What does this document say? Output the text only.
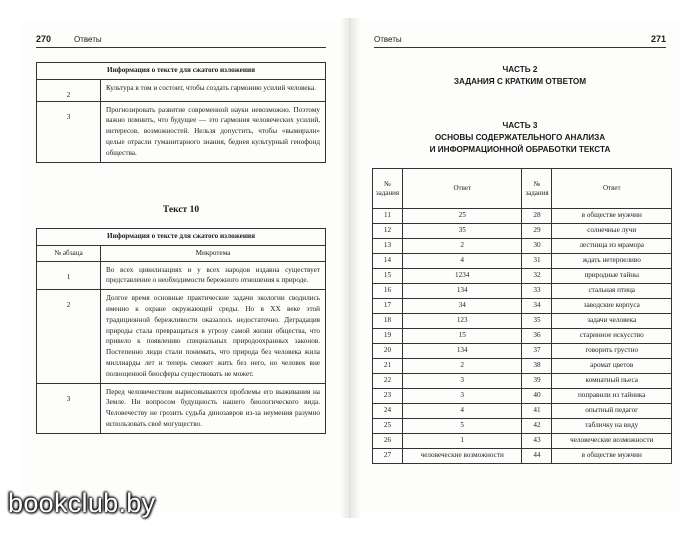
270	Ответы
Информация о тексте для сжатого изложения	
2	Культура в том и состоит, чтобы создать гармонию усилий человека.
3	Прогнозировать развитие современной науки невозможно. Поэтому важно помнить, что будущее — это гармония человеческих усилий, интересов, возможностей. Нельзя допустить, чтобы «вымирали» целые отрасли гуманитарного знания, беднея культурный генофонд общества.
Текст 10
Информация о тексте для сжатого изложения	
№ абзаца	Микротема
1	Во всех цивилизациях и у всех народов издавна существует представление о необходимости бережного отношения к природе.
2	Долгое время основные практические задачи экологии сводились именно к охране окружающей среды. Но в XX веке этой традиционной бережливости оказалось недостаточно. Деградация природы стала превращаться в угрозу самой жизни общества, что привело к появлению специальных природоохранных законов. Постепенно люди стали понимать, что природа без человека жила миллиарды лет и теперь сможет жить без него, но человек вне полноценной биосферы существовать не может.
3	Перед человечеством вырисовываются проблемы его выживания на Земле. Ни вопросом будущность нашего биологического вида. Человечеству не грозить судьба динозавров из-за неумения разумно использовать своё могущество.
Ответы	271
ЧАСТЬ 2
ЗАДАНИЯ С КРАТКИМ ОТВЕТОМ
ЧАСТЬ 3
ОСНОВЫ СОДЕРЖАТЕЛЬНОГО АНАЛИЗА
И ИНФОРМАЦИОННОЙ ОБРАБОТКИ ТЕКСТА
№ задания	Ответ	№ задания	Ответ
11	25	28	в обществе мужчин
12	35	29	солнечные лучи
13	2	30	лестница из мрамора
14	4	31	ждать нетерпеливо
15	1234	32	природные тайны
16	134	33	стальная птица
17	34	34	заводские корпуса
18	123	35	задачи человека
19	15	36	старинное искусство
20	134	37	говорить грустно
21	2	38	аромат цветов
22	3	39	комнатный пьеса
23	3	40	поправили из тайника
24	4	41	опытный педагог
25	5	42	табличку на виду
26	1	43	человеческие возможности
27	человеческие возможности	44	в обществе мужчин
bookclub.by
